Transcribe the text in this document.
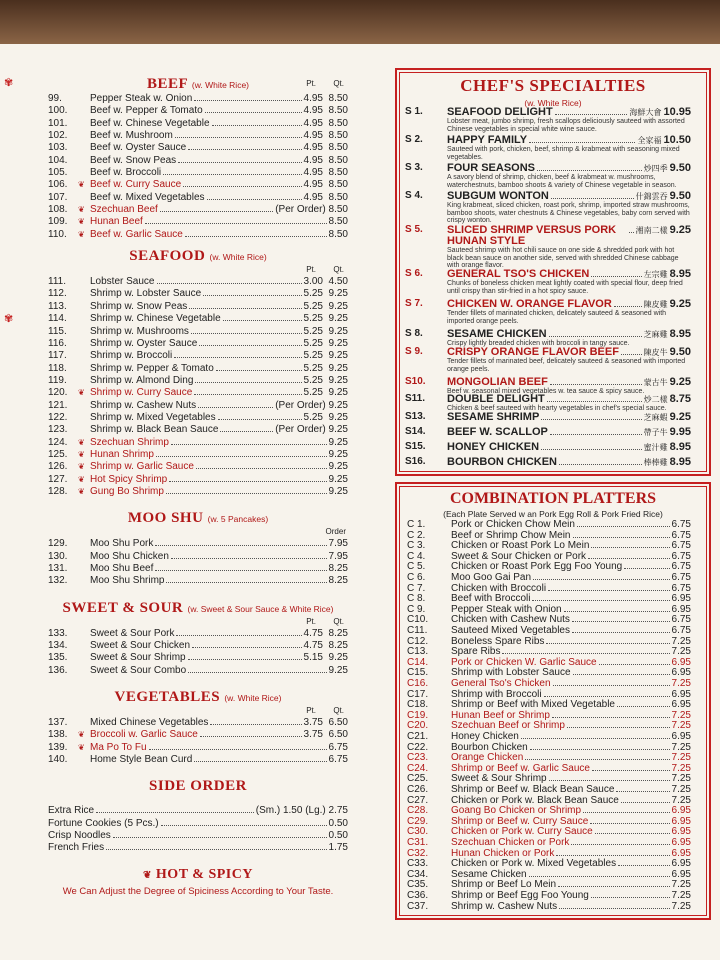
✾
✾
BEEF (w. White Rice)	Pt. Qt.
99.	Pepper Steak w. Onion	4.95  8.50
100.	Beef w. Pepper & Tomato	4.95  8.50
101.	Beef w. Chinese Vegetable	4.95  8.50
102.	Beef w. Mushroom	4.95  8.50
103.	Beef w. Oyster Sauce	4.95  8.50
104.	Beef w. Snow Peas	4.95  8.50
105.	Beef w. Broccoli	4.95  8.50
106.	❦ Beef w. Curry Sauce	4.95  8.50
107.	Beef w. Mixed Vegetables	4.95  8.50
108.	❦ Szechuan Beef	(Per Order) 8.50
109.	❦ Hunan Beef	8.50
110.	❦ Beef w. Garlic Sauce	8.50
SEAFOOD (w. White Rice)
Pt. Qt.
111.	Lobster Sauce	3.00  4.50
112.	Shrimp w. Lobster Sauce	5.25  9.25
113.	Shrimp w. Snow Peas	5.25  9.25
114.	Shrimp w. Chinese Vegetable	5.25  9.25
115.	Shrimp w. Mushrooms	5.25  9.25
116.	Shrimp w. Oyster Sauce	5.25  9.25
117.	Shrimp w. Broccoli	5.25  9.25
118.	Shrimp w. Pepper & Tomato	5.25  9.25
119.	Shrimp w. Almond Ding	5.25  9.25
120.	❦ Shrimp w. Curry Sauce	5.25  9.25
121.	Shrimp w. Cashew Nuts	(Per Order) 9.25
122.	Shrimp w. Mixed Vegetables	5.25  9.25
123.	Shrimp w. Black Bean Sauce	(Per Order) 9.25
124.	❦ Szechuan Shrimp	9.25
125.	❦ Hunan Shrimp	9.25
126.	❦ Shrimp w. Garlic Sauce	9.25
127.	❦ Hot Spicy Shrimp	9.25
128.	❦ Gung Bo Shrimp	9.25
MOO SHU (w. 5 Pancakes)
Order
129.	Moo Shu Pork	7.95
130.	Moo Shu Chicken	7.95
131.	Moo Shu Beef	8.25
132.	Moo Shu Shrimp	8.25
SWEET & SOUR (w. Sweet & Sour Sauce & White Rice)
Pt. Qt.
133.	Sweet & Sour Pork	4.75  8.25
134.	Sweet & Sour Chicken	4.75  8.25
135.	Sweet & Sour Shrimp	5.15  9.25
136.	Sweet & Sour Combo	9.25
VEGETABLES (w. White Rice)
Pt. Qt.
137.	Mixed Chinese Vegetables	3.75  6.50
138.	❦ Broccoli w. Garlic Sauce	3.75  6.50
139.	❦ Ma Po To Fu	6.75
140.	Home Style Bean Curd	6.75
SIDE ORDER
Extra Rice	(Sm.) 1.50 (Lg.) 2.75
Fortune Cookies (5 Pcs.)	0.50
Crisp Noodles	0.50
French Fries	1.75
❦ HOT & SPICY
We Can Adjust the Degree of Spiciness According to Your Taste.
CHEF'S SPECIALTIES
(w. White Rice)
S 1. SEAFOOD DELIGHT	海鮮大會 10.95
Lobster meat, jumbo shrimp, fresh scallops deliciously sauteed with assorted Chinese vegetables in special white wine sauce.
S 2. HAPPY FAMILY	全家福 10.50
Sauteed with pork, chicken, beef, shrimp & krabmeat with seasoning mixed vegetables.
S 3. FOUR SEASONS	炒四季 9.50
A savory blend of shrimp, chicken, beef & krabmeat w. mushrooms, waterchestnuts, bamboo shoots & variety of Chinese vegetable in season.
S 4. SUBGUM WONTON	什錦雲吞 9.50
King krabmeat, sliced chicken, roast pork, shrimp, imported straw mushrooms, bamboo shoots, water chestnuts & Chinese vegetables, baby corn served with crispy wonton.
S 5. SLICED SHRIMP VERSUS PORK HUNAN STYLE
湘南二樣 9.25
Sauteed shrimp with hot chili sauce on one side & shredded pork with hot black bean sauce on another side, served with shredded Chinese cabbage with orange flavor.
S 6. GENERAL TSO'S CHICKEN	左宗雞 8.95
Chunks of boneless chicken meat lightly coated with special flour, deep fried until crispy than stir-fried in a hot spicy sauce.
S 7. CHICKEN W. ORANGE FLAVOR	陳皮雞 9.25
Tender fillets of marinated chicken, delicately sauteed & seasoned with imported orange peels.
S 8. SESAME CHICKEN	芝麻雞 8.95
Crispy lightly breaded chicken with broccoli in tangy sauce.
S 9. CRISPY ORANGE FLAVOR BEEF	陳皮牛 9.50
Tender fillets of marinated beef, delicately sauteed & seasoned with imported orange peels.
S10. MONGOLIAN BEEF	蒙古牛 9.25
Beef w. seasonal mixed vegetables w. tea sauce & spicy sauce.
S11. DOUBLE DELIGHT	炒二樣 8.75
Chicken & beef sauteed with hearty vegetables in chef's special sauce.
S13. SESAME SHRIMP	芝麻蝦 9.25
S14. BEEF W. SCALLOP	帶子牛 9.95
S15. HONEY CHICKEN	蜜汁雞 8.95
S16. BOURBON CHICKEN	棒棒雞 8.95
COMBINATION PLATTERS
(Each Plate Served w an Pork Egg Roll & Pork Fried Rice)
C 1.	Pork or Chicken Chow Mein	6.75
C 2.	Beef or Shrimp Chow Mein	6.75
C 3.	Chicken or Roast Pork Lo Mein	6.75
C 4.	Sweet & Sour Chicken or Pork	6.75
C 5.	Chicken or Roast Pork Egg Foo Young	6.75
C 6.	Moo Goo Gai Pan	6.75
C 7.	Chicken with Broccoli	6.75
C 8.	Beef with Broccoli	6.95
C 9.	Pepper Steak with Onion	6.95
C10.	Chicken with Cashew Nuts	6.75
C11.	Sauteed Mixed Vegetables	6.75
C12.	Boneless Spare Ribs	7.25
C13.	Spare Ribs	7.25
C14.	Pork or Chicken W. Garlic Sauce	6.95
C15.	Shrimp with Lobster Sauce	6.95
C16.	General Tso's Chicken	7.25
C17.	Shrimp with Broccoli	6.95
C18.	Shrimp or Beef with Mixed Vegetable	6.95
C19.	Hunan Beef or Shrimp	7.25
C20.	Szechuan Beef or Shrimp	7.25
C21.	Honey Chicken	6.95
C22.	Bourbon Chicken	7.25
C23.	Orange Chicken	7.25
C24.	Shrimp or Beef w. Garlic Sauce	7.25
C25.	Sweet & Sour Shrimp	7.25
C26.	Shrimp or Beef w. Black Bean Sauce	7.25
C27.	Chicken or Pork w. Black Bean Sauce	7.25
C28.	Goang Bo Chicken or Shrimp	6.95
C29.	Shrimp or Beef w. Curry Sauce	6.95
C30.	Chicken or Pork w. Curry Sauce	6.95
C31.	Szechuan Chicken or Pork	6.95
C32.	Hunan Chicken or Pork	6.95
C33.	Chicken or Pork w. Mixed Vegetables	6.95
C34.	Sesame Chicken	6.95
C35.	Shrimp or Beef Lo Mein	7.25
C36.	Shrimp or Beef Egg Foo Young	7.25
C37.	Shrimp w. Cashew Nuts	7.25
